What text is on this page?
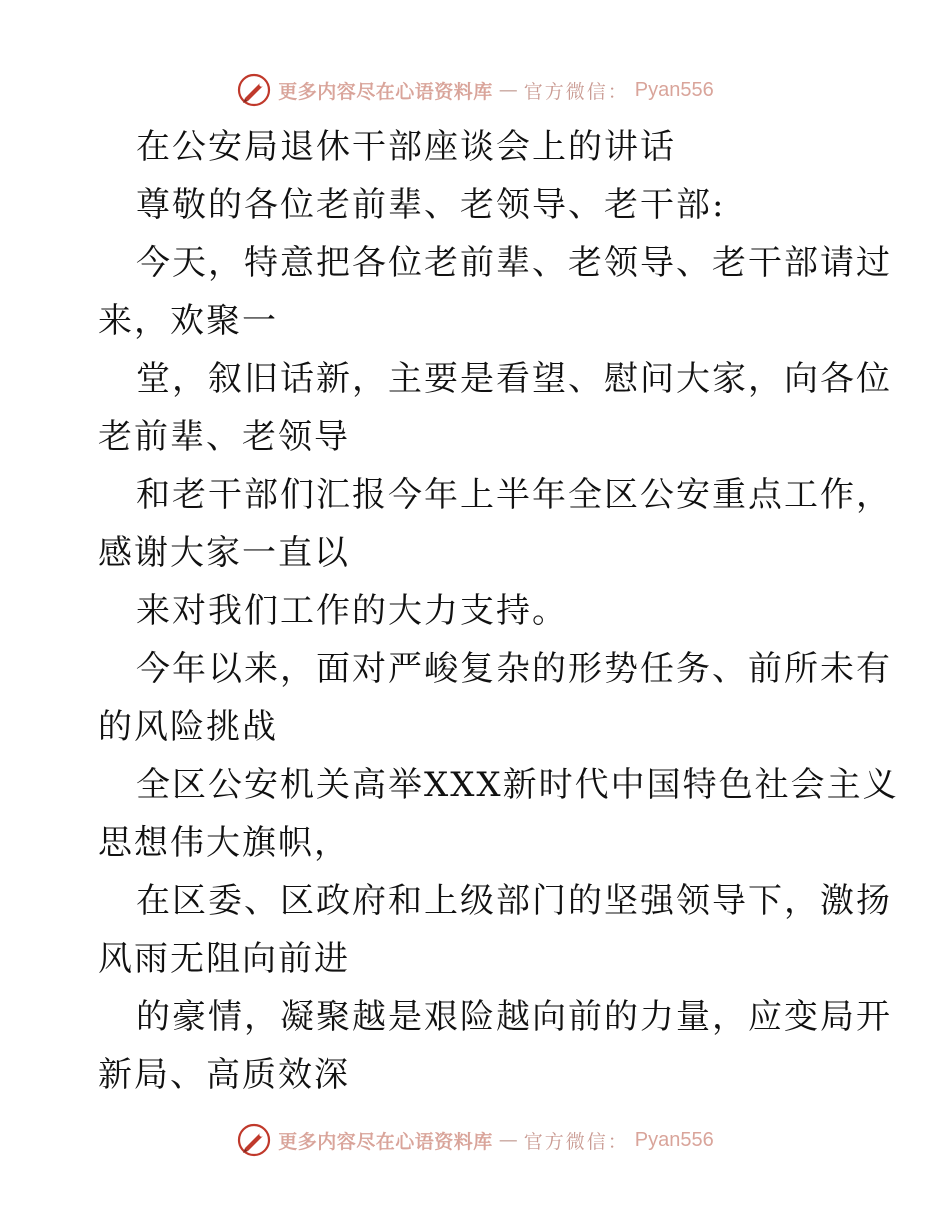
更多内容尽在心语资料库 — 官方微信： Pyan556
在公安局退休干部座谈会上的讲话
尊敬的各位老前辈、老领导、老干部:
今天，特意把各位老前辈、老领导、老干部请过
来，欢聚一
堂，叙旧话新，主要是看望、慰问大家，向各位
老前辈、老领导
和老干部们汇报今年上半年全区公安重点工作，
感谢大家一直以
来对我们工作的大力支持。
今年以来，面对严峻复杂的形势任务、前所未有
的风险挑战
全区公安机关高举XXX新时代中国特色社会主义
思想伟大旗帜，
在区委、区政府和上级部门的坚强领导下，激扬
风雨无阻向前进
的豪情，凝聚越是艰险越向前的力量，应变局开
新局、高质效深
更多内容尽在心语资料库 — 官方微信： Pyan556
